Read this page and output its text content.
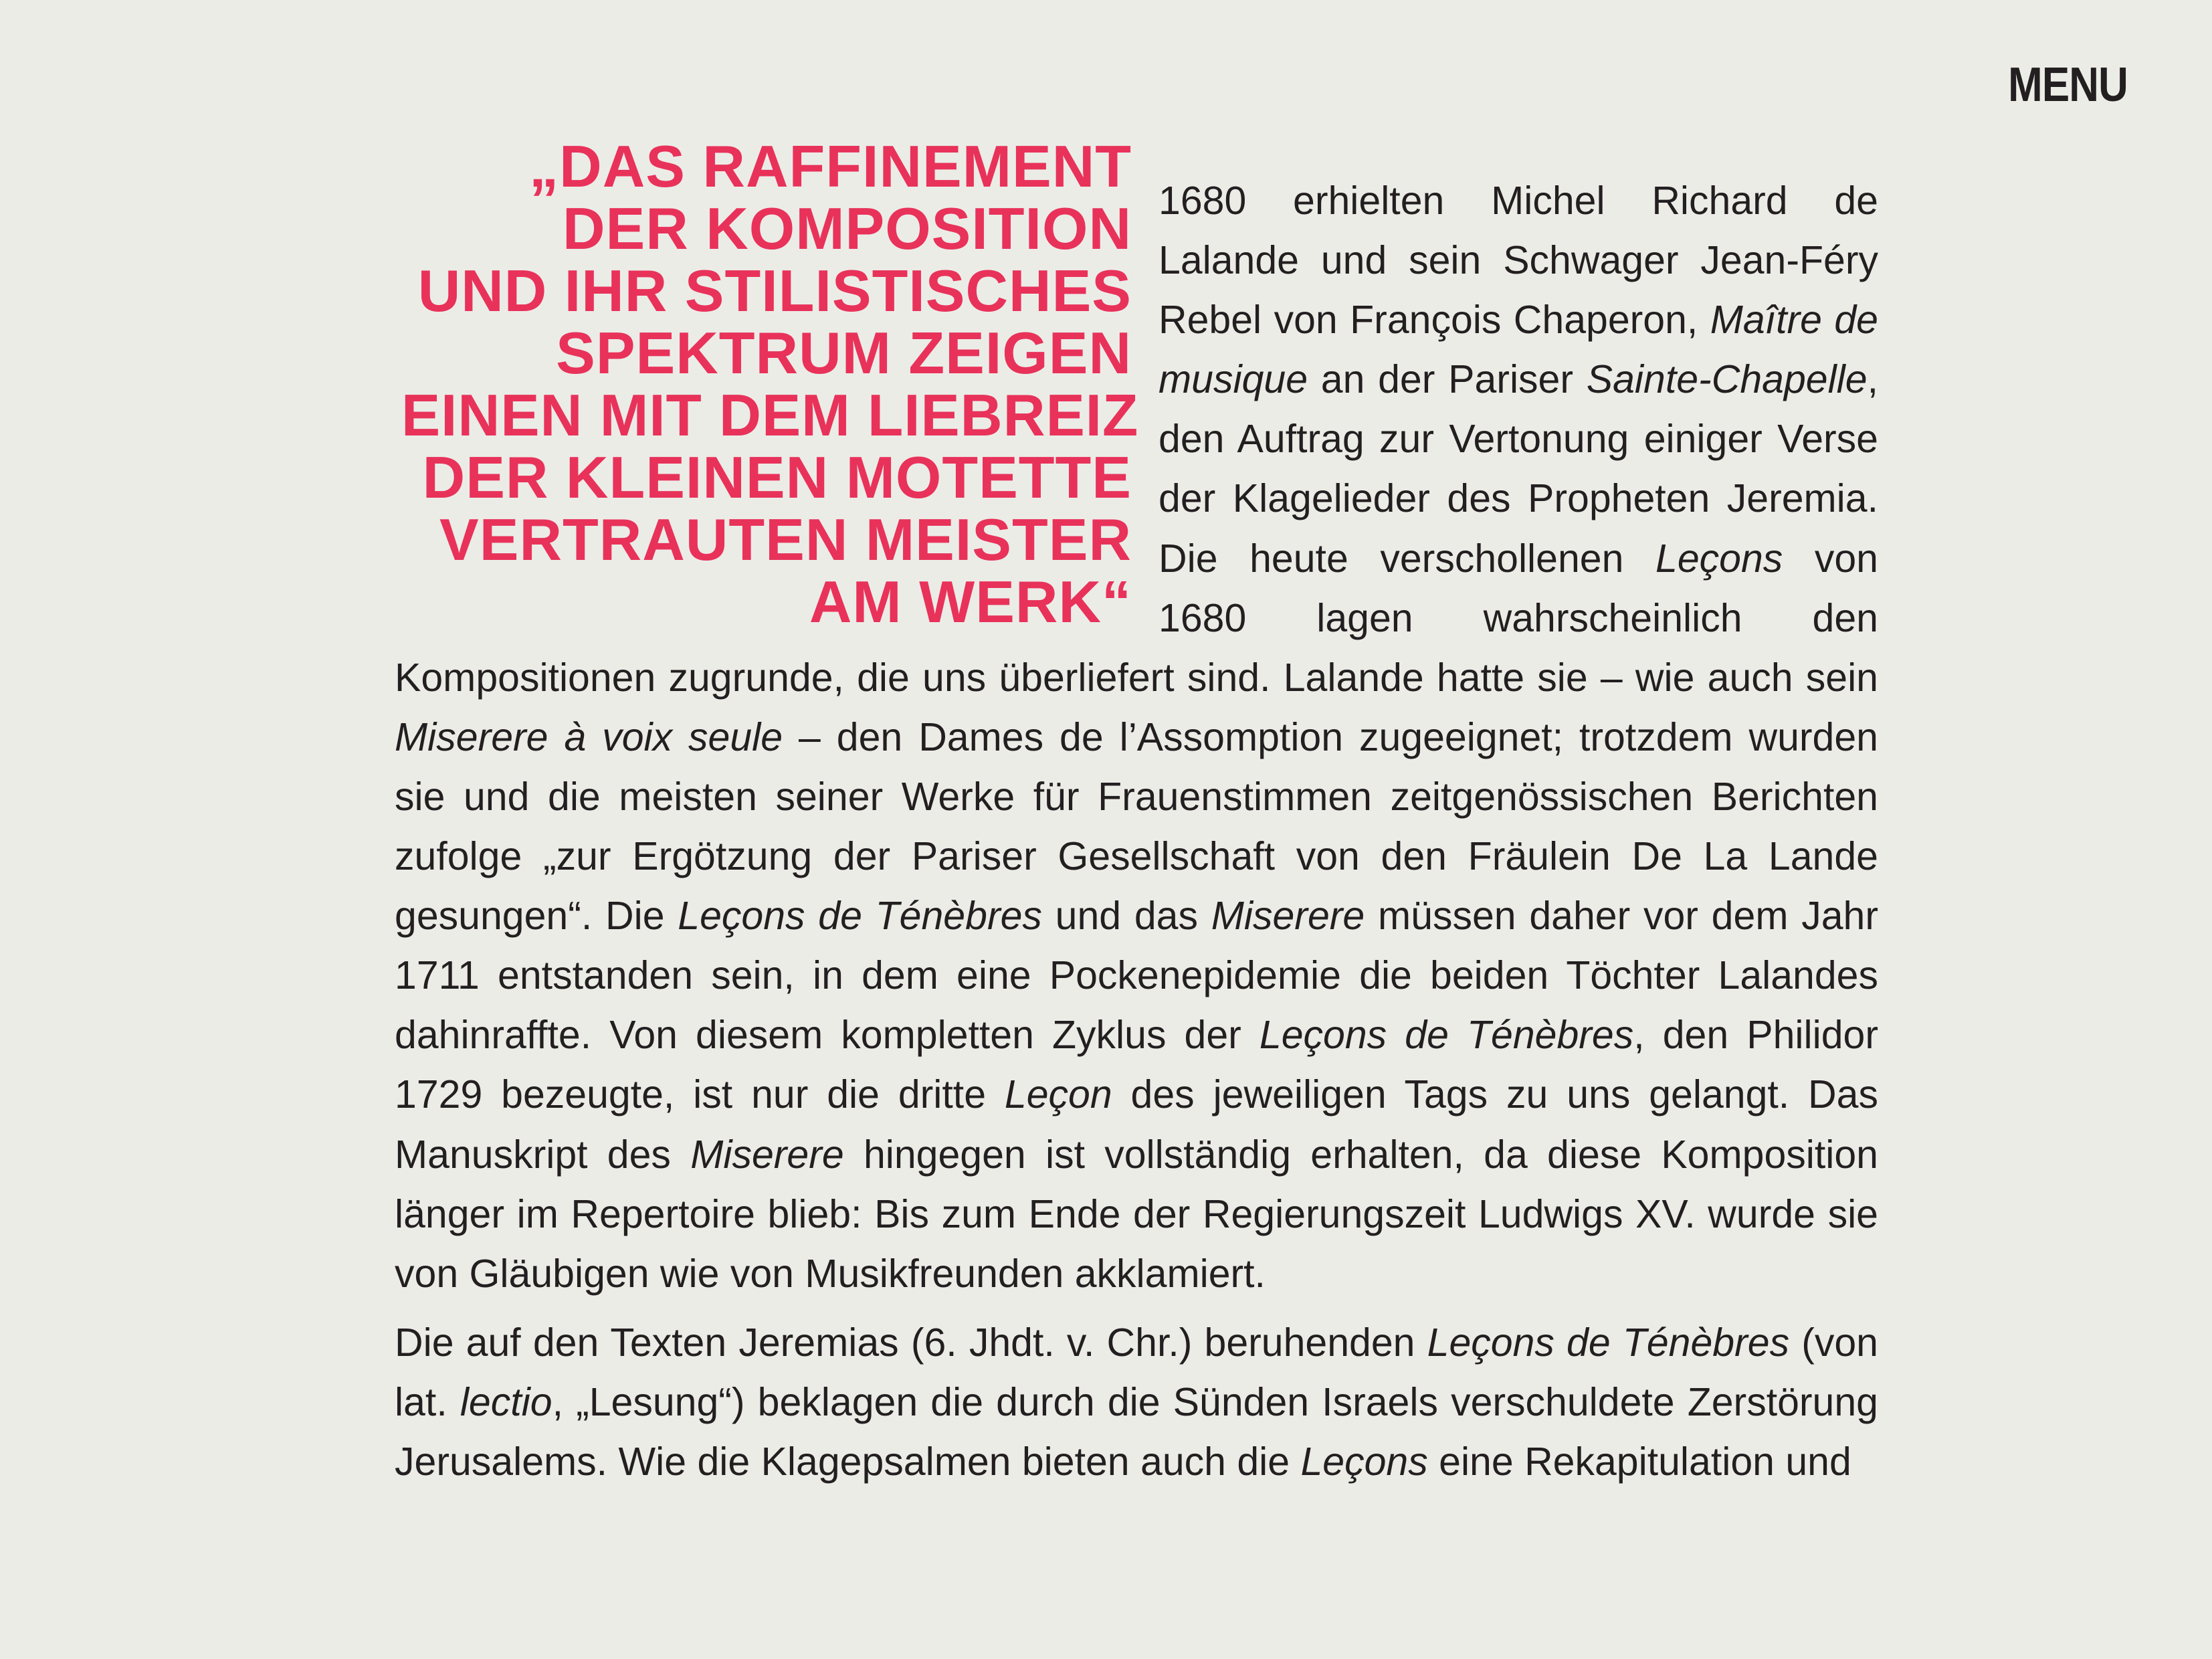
MENU
„DAS RAFFINEMENT
DER KOMPOSITION
UND IHR STILISTISCHES
SPEKTRUM ZEIGEN
EINEN MIT DEM LIEBREIZ
DER KLEINEN MOTETTE
VERTRAUTEN MEISTER
AM WERK“

1680 erhielten Michel Richard de Lalande und sein Schwager Jean-Féry Rebel von François Chaperon, Maître de musique an der Pariser Sainte-Chapelle, den Auftrag zur Vertonung einiger Verse der Klagelieder des Propheten Jeremia. Die heute verschollenen Leçons von 1680 lagen wahrscheinlich den Kompositionen zugrunde, die uns überliefert sind. Lalande hatte sie – wie auch sein Miserere à voix seule – den Dames de l’Assomption zugeeignet; trotzdem wurden sie und die meisten seiner Werke für Frauenstimmen zeitgenössischen Berichten zufolge „zur Ergötzung der Pariser Gesellschaft von den Fräulein De La Lande gesungen“. Die Leçons de Ténèbres und das Miserere müssen daher vor dem Jahr 1711 entstanden sein, in dem eine Pockenepidemie die beiden Töchter Lalandes dahinraffte. Von diesem kompletten Zyklus der Leçons de Ténèbres, den Philidor 1729 bezeugte, ist nur die dritte Leçon des jeweiligen Tags zu uns gelangt. Das Manuskript des Miserere hingegen ist vollständig erhalten, da diese Komposition länger im Repertoire blieb: Bis zum Ende der Regierungszeit Ludwigs XV. wurde sie von Gläubigen wie von Musikfreunden akklamiert.

Die auf den Texten Jeremias (6. Jhdt. v. Chr.) beruhenden Leçons de Ténèbres (von lat. lectio, „Lesung“) beklagen die durch die Sünden Israels verschuldete Zerstörung Jerusalems. Wie die Klagepsalmen bieten auch die Leçons eine Rekapitulation und
